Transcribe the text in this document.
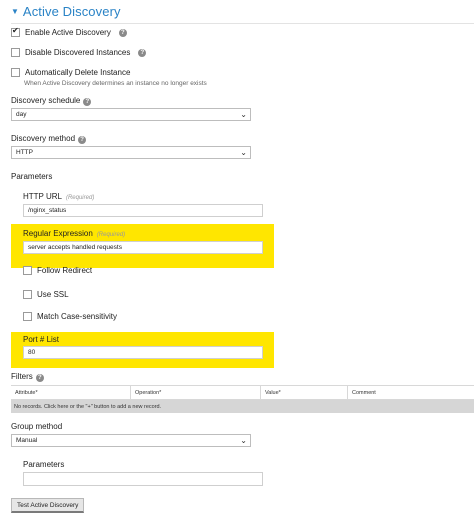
▼ Active Discovery
✔
Enable Active Discovery	?
Disable Discovered Instances	?
Automatically Delete Instance
When Active Discovery determines an instance no longer exists
Discovery schedule ?
day	⌄
Discovery method ?
HTTP	⌄
Parameters
HTTP URL (Required)
/nginx_status
Regular Expression (Required)
server accepts handled requests
Follow Redirect
Use SSL
Match Case-sensitivity
Port # List
80
Filters ?
Attribute*	Operation*	Value*	Comment
No records. Click here or the "+" button to add a new record.
Group method
Manual	⌄
Parameters
Test Active Discovery
